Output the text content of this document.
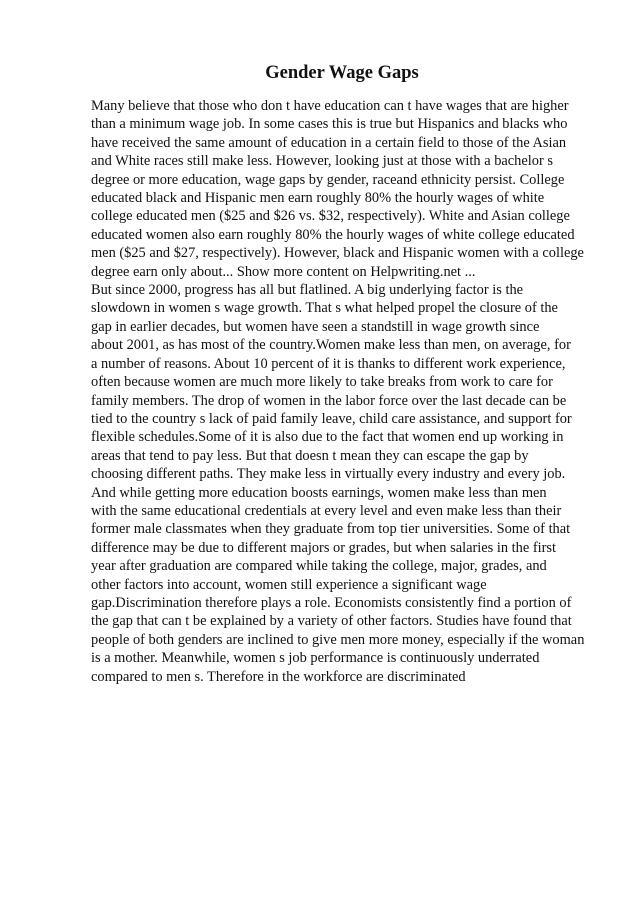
Gender Wage Gaps
Many believe that those who don t have education can t have wages that are higher
than a minimum wage job. In some cases this is true but Hispanics and blacks who
have received the same amount of education in a certain field to those of the Asian
and White races still make less. However, looking just at those with a bachelor s
degree or more education, wage gaps by gender, raceand ethnicity persist. College
educated black and Hispanic men earn roughly 80% the hourly wages of white
college educated men ($25 and $26 vs. $32, respectively). White and Asian college
educated women also earn roughly 80% the hourly wages of white college educated
men ($25 and $27, respectively). However, black and Hispanic women with a college
degree earn only about... Show more content on Helpwriting.net ...
But since 2000, progress has all but flatlined. A big underlying factor is the
slowdown in women s wage growth. That s what helped propel the closure of the
gap in earlier decades, but women have seen a standstill in wage growth since
about 2001, as has most of the country.Women make less than men, on average, for
a number of reasons. About 10 percent of it is thanks to different work experience,
often because women are much more likely to take breaks from work to care for
family members. The drop of women in the labor force over the last decade can be
tied to the country s lack of paid family leave, child care assistance, and support for
flexible schedules.Some of it is also due to the fact that women end up working in
areas that tend to pay less. But that doesn t mean they can escape the gap by
choosing different paths. They make less in virtually every industry and every job.
And while getting more education boosts earnings, women make less than men
with the same educational credentials at every level and even make less than their
former male classmates when they graduate from top tier universities. Some of that
difference may be due to different majors or grades, but when salaries in the first
year after graduation are compared while taking the college, major, grades, and
other factors into account, women still experience a significant wage
gap.Discrimination therefore plays a role. Economists consistently find a portion of
the gap that can t be explained by a variety of other factors. Studies have found that
people of both genders are inclined to give men more money, especially if the woman
is a mother. Meanwhile, women s job performance is continuously underrated
compared to men s. Therefore in the workforce are discriminated
